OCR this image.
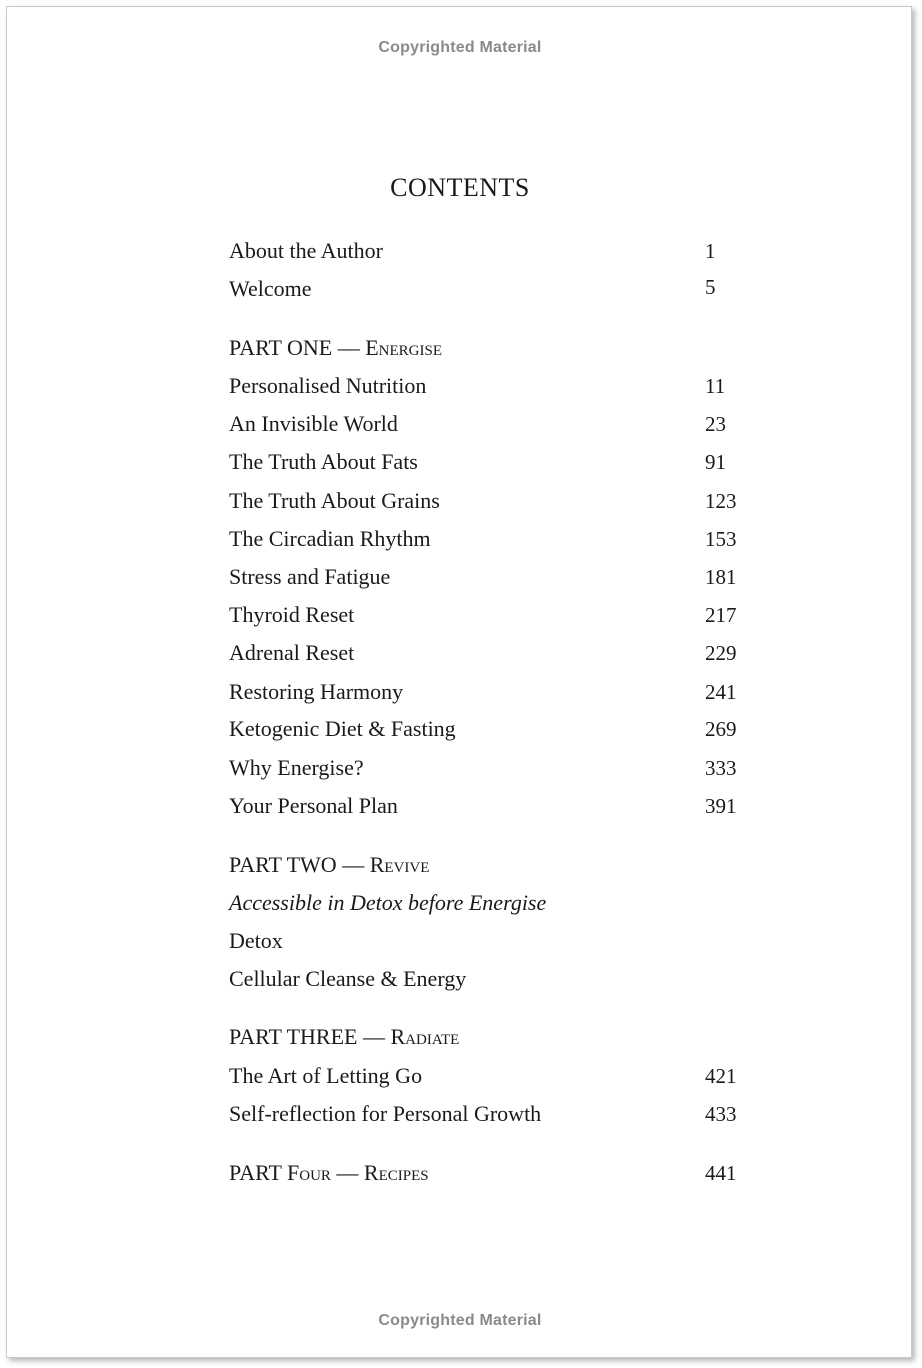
Copyrighted Material
CONTENTS
About the Author	1
Welcome	5
PART ONE — Energise
Personalised Nutrition	11
An Invisible World	23
The Truth About Fats	91
The Truth About Grains	123
The Circadian Rhythm	153
Stress and Fatigue	181
Thyroid Reset	217
Adrenal Reset	229
Restoring Harmony	241
Ketogenic Diet & Fasting	269
Why Energise?	333
Your Personal Plan	391
PART TWO — Revive
Accessible in Detox before Energise
Detox
Cellular Cleanse & Energy
PART THREE — Radiate
The Art of Letting Go	421
Self-reflection for Personal Growth	433
PART Four — Recipes	441
Copyrighted Material
